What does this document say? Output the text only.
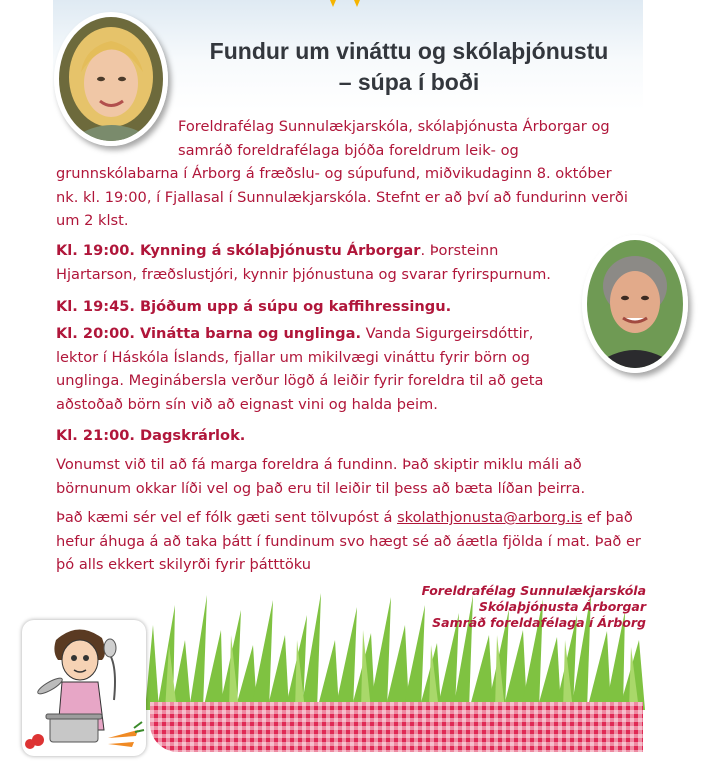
Fundur um vináttu og skólaþjónustu
– súpa í boði

Foreldrafélag Sunnulækjarskóla, skólaþjónusta Árborgar og
samráð foreldrafélaga bjóða foreldrum leik- og
grunnskólabarna í Árborg á fræðslu- og súpufund, miðvikudaginn 8. október
nk. kl. 19:00, í Fjallasal í Sunnulækjarskóla. Stefnt er að því að fundurinn verði
um 2 klst.

Kl. 19:00. Kynning á skólaþjónustu Árborgar. Þorsteinn Hjartarson, fræðslustjóri, kynnir þjónustuna og svarar fyrirspurnum.

Kl. 19:45. Bjóðum upp á súpu og kaffihressingu.

Kl. 20:00. Vinátta barna og unglinga. Vanda Sigurgeirsdóttir, lektor í Háskóla Íslands, fjallar um mikilvægi vináttu fyrir börn og unglinga. Meginábersla verður lögð á leiðir fyrir foreldra til að geta aðstoðað börn sín við að eignast vini og halda þeim.

Kl. 21:00. Dagskrárlok.

Vonumst við til að fá marga foreldra á fundinn. Það skiptir miklu máli að börnunum okkar líði vel og það eru til leiðir til þess að bæta líðan þeirra.

Það kæmi sér vel ef fólk gæti sent tölvupóst á skolathjonusta@arborg.is ef það hefur áhuga á að taka þátt í fundinum svo hægt sé að áætla fjölda í mat. Það er þó alls ekkert skilyrði fyrir þátttöku

Foreldrafélag Sunnulækjarskóla
Skólaþjónusta Árborgar
Samráð foreldafélaga í Árborg
